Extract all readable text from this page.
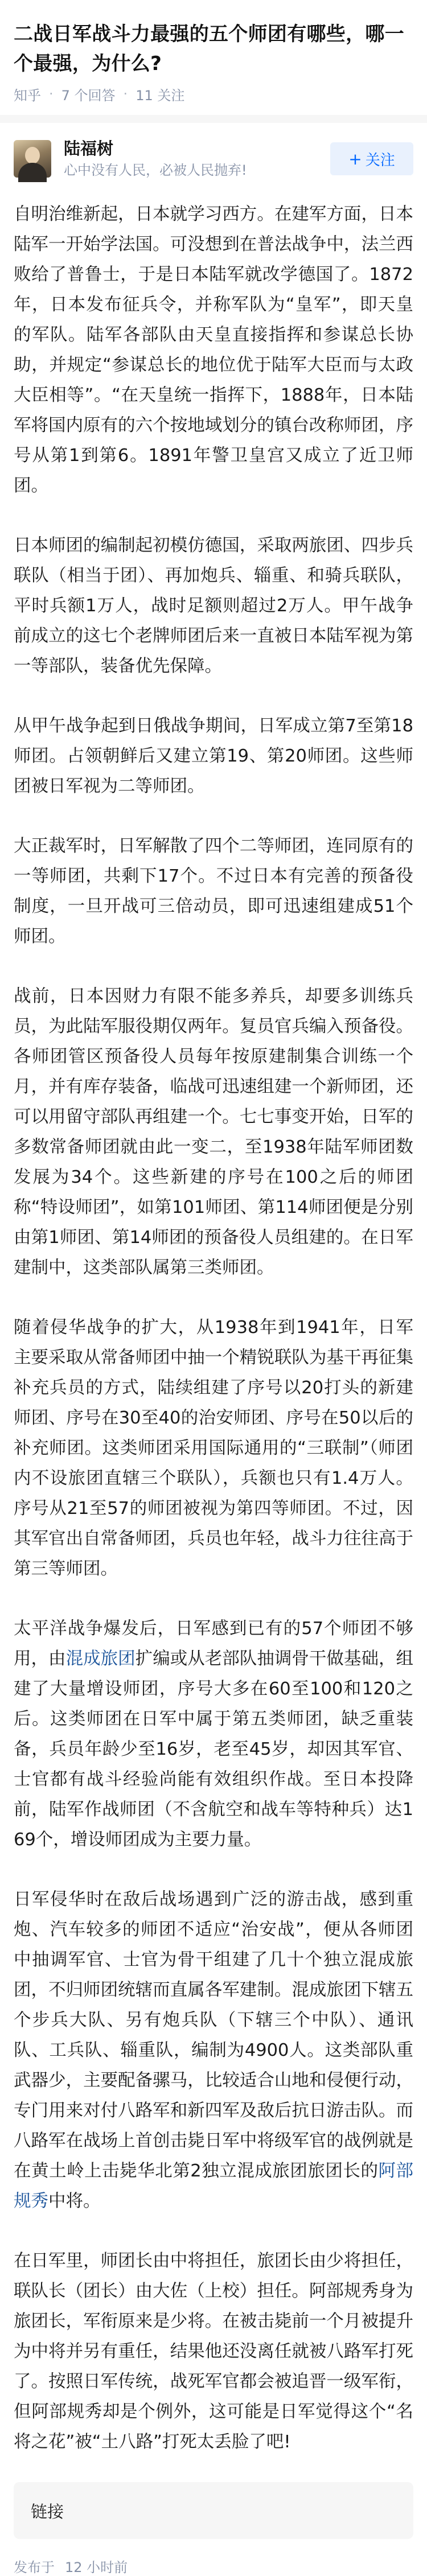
二战日军战斗力最强的五个师团有哪些，哪一个最强，为什么?
知乎 · 7 个回答 · 11 关注
陆福树
心中没有人民，必被人民抛弃!
+ 关注

自明治维新起，日本就学习西方。在建军方面，日本陆军一开始学法国。可没想到在普法战争中，法兰西败给了普鲁士，于是日本陆军就改学德国了。1872年，日本发布征兵令，并称军队为“皇军”，即天皇的军队。陆军各部队由天皇直接指挥和参谋总长协助，并规定“参谋总长的地位优于陆军大臣而与太政大臣相等”。“在天皇统一指挥下，1888年，日本陆军将国内原有的六个按地域划分的镇台改称师团，序号从第1到第6。1891年警卫皇宫又成立了近卫师团。

日本师团的编制起初模仿德国，采取两旅团、四步兵联队（相当于团）、再加炮兵、辎重、和骑兵联队，平时兵额1万人，战时足额则超过2万人。甲午战争前成立的这七个老牌师团后来一直被日本陆军视为第一等部队，装备优先保障。

从甲午战争起到日俄战争期间，日军成立第7至第18师团。占领朝鲜后又建立第19、第20师团。这些师团被日军视为二等师团。

大正裁军时，日军解散了四个二等师团，连同原有的一等师团，共剩下17个。不过日本有完善的预备役制度，一旦开战可三倍动员，即可迅速组建成51个师团。

战前，日本因财力有限不能多养兵，却要多训练兵员，为此陆军服役期仅两年。复员官兵编入预备役。各师团管区预备役人员每年按原建制集合训练一个月，并有库存装备，临战可迅速组建一个新师团，还可以用留守部队再组建一个。七七事变开始，日军的多数常备师团就由此一变二，至1938年陆军师团数发展为34个。这些新建的序号在100之后的师团称“特设师团”，如第101师团、第114师团便是分别由第1师团、第14师团的预备役人员组建的。在日军建制中，这类部队属第三类师团。

随着侵华战争的扩大，从1938年到1941年，日军主要采取从常备师团中抽一个精锐联队为基干再征集补充兵员的方式，陆续组建了序号以20打头的新建师团、序号在30至40的治安师团、序号在50以后的补充师团。这类师团采用国际通用的“三联制”（师团内不设旅团直辖三个联队），兵额也只有1.4万人。序号从21至57的师团被视为第四等师团。不过，因其军官出自常备师团，兵员也年轻，战斗力往往高于第三等师团。

太平洋战争爆发后，日军感到已有的57个师团不够用，由混成旅团扩编或从老部队抽调骨干做基础，组建了大量增设师团，序号大多在60至100和120之后。这类师团在日军中属于第五类师团，缺乏重装备，兵员年龄少至16岁，老至45岁，却因其军官、士官都有战斗经验尚能有效组织作战。至日本投降前，陆军作战师团（不含航空和战车等特种兵）达169个，增设师团成为主要力量。

日军侵华时在敌后战场遇到广泛的游击战，感到重炮、汽车较多的师团不适应“治安战”，便从各师团中抽调军官、士官为骨干组建了几十个独立混成旅团，不归师团统辖而直属各军建制。混成旅团下辖五个步兵大队、另有炮兵队（下辖三个中队）、通讯队、工兵队、辎重队，编制为4900人。这类部队重武器少，主要配备骡马，比较适合山地和侵便行动，专门用来对付八路军和新四军及敌后抗日游击队。而八路军在战场上首创击毙日军中将级军官的战例就是在黄土岭上击毙华北第2独立混成旅团旅团长的阿部规秀中将。

在日军里，师团长由中将担任，旅团长由少将担任，联队长（团长）由大佐（上校）担任。阿部规秀身为旅团长，军衔原来是少将。在被击毙前一个月被提升为中将并另有重任，结果他还没离任就被八路军打死了。按照日军传统，战死军官都会被追晋一级军衔，但阿部规秀却是个例外，这可能是日军觉得这个“名将之花”被“土八路”打死太丢脸了吧!

链接
发布于 12 小时前
